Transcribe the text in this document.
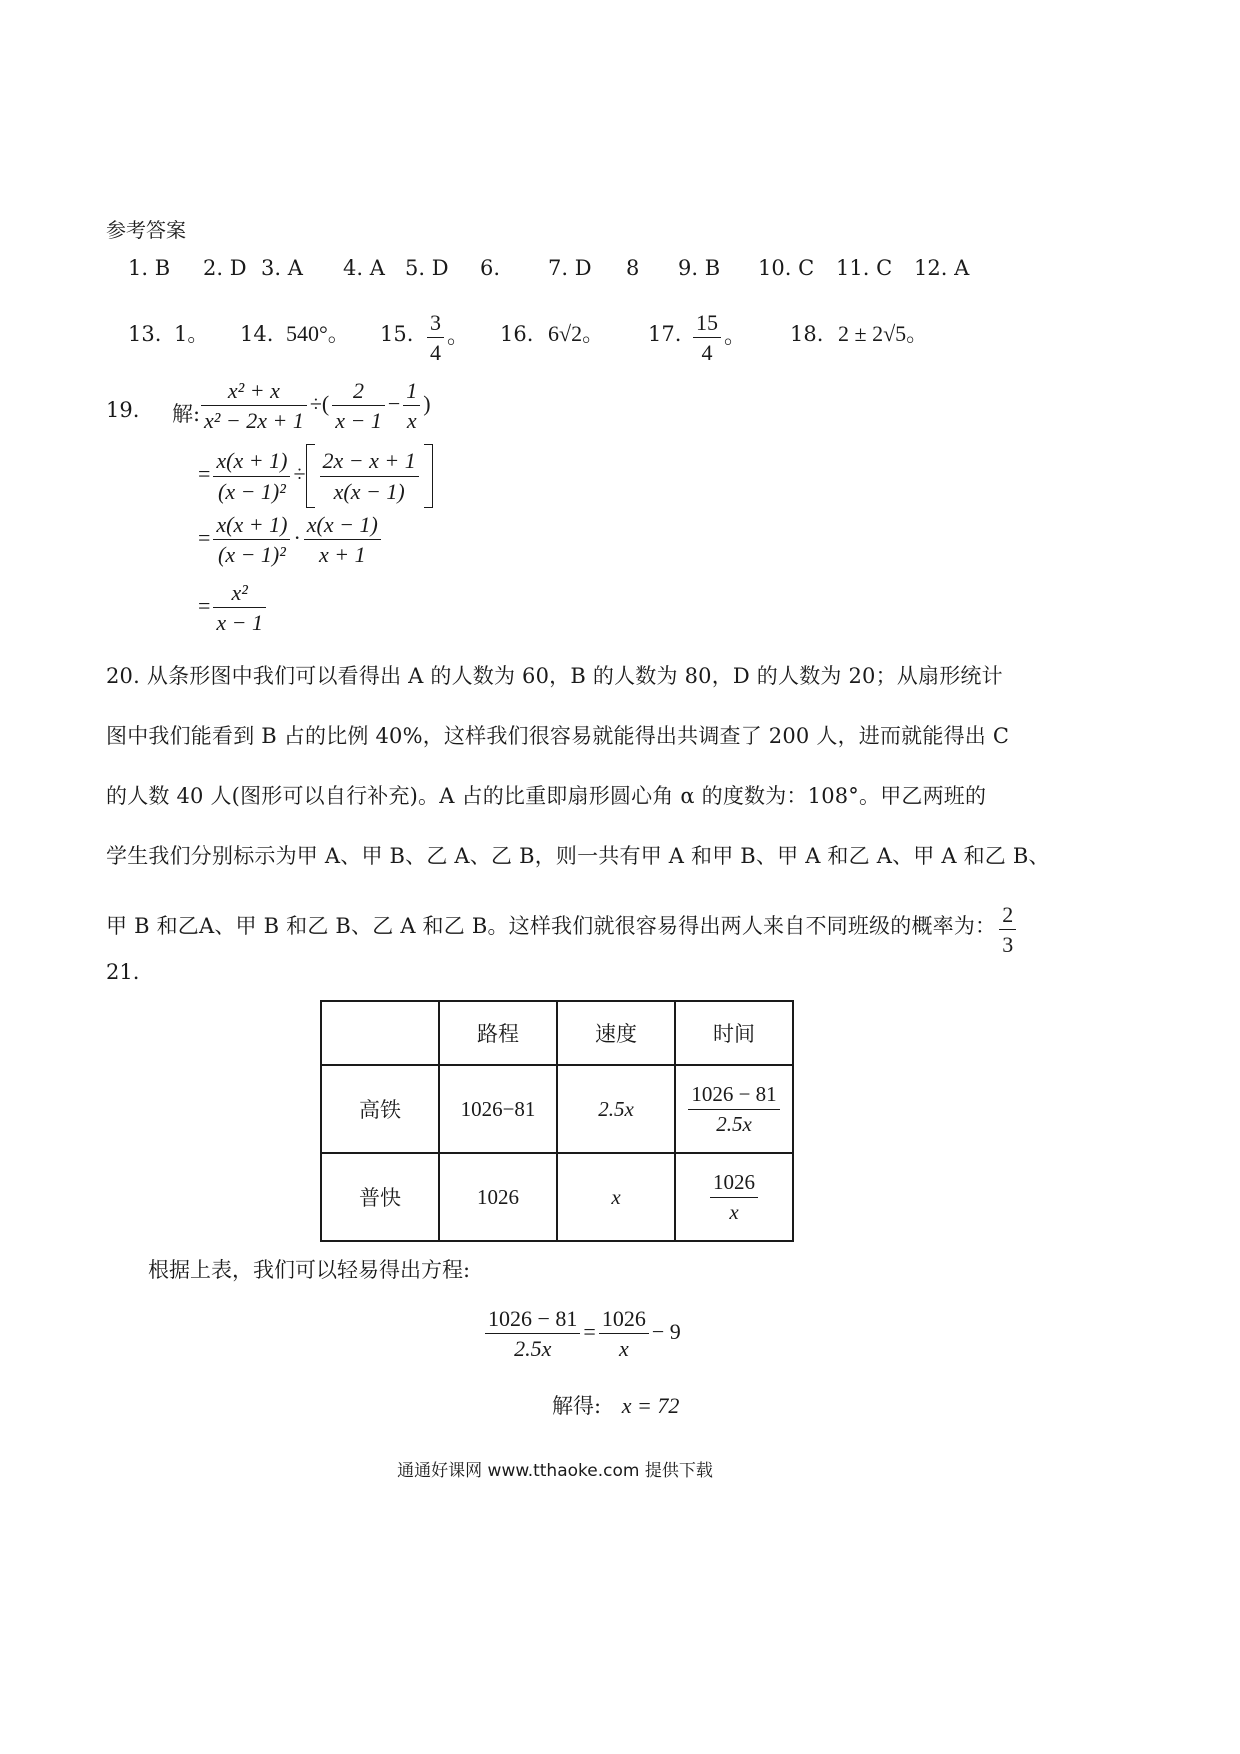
参考答案
1. B 2. D 3. A 4. A 5. D 6. 7. D 8 9. B 10. C 11. C 12. A
13. 1。 14. 540°。 15. $\frac{3}{4}$ 。 16. 6√2。 17. $\frac{15}{4}$ 。 18. 2 ± 2√5。
19. 解: $\frac{\text{x² + x}}{\text{x² − 2x + 1}}$ ÷( $\frac{2}{x - 1} - \frac{1}{x}$ )
= $\frac{x(x + 1)}{\text{(x − 1)²}} \div \frac{2x - x + 1}{x(x - 1)}$
= $\frac{x(x + 1)}{\text{(x − 1)²}} \cdot \frac{x(x - 1)}{x + 1}$
= $\frac{\text{x²}}{x - 1}$
20. 从条形图中我们可以看得出 A 的人数为 60，B 的人数为 80，D 的人数为 20；从扇形统计
图中我们能看到 B 占的比例 40%，这样我们很容易就能得出共调查了 200 人，进而就能得出 C
的人数 40 人(图形可以自行补充)。A 占的比重即扇形圆心角 α 的度数为：108°。甲乙两班的
学生我们分别标示为甲 A、甲 B、乙 A、乙 B，则一共有甲 A 和甲 B、甲 A 和乙 A、甲 A 和乙 B、
甲 B 和乙A、甲 B 和乙 B、乙 A 和乙 B。这样我们就很容易得出两人来自不同班级的概率为： $\frac{2}{3}$
21.
	路程	速度	时间
高铁	1026−81	2.5x	$\frac{1026 - 81}{2.5x}$

普快	1026	x	$\frac{1026}{x}$
根据上表，我们可以轻易得出方程:
$\frac{1026 - 81}{2.5x} = \frac{1026}{x} - 9$
解得: x = 72
通通好课网 www.tthaoke.com 提供下载
